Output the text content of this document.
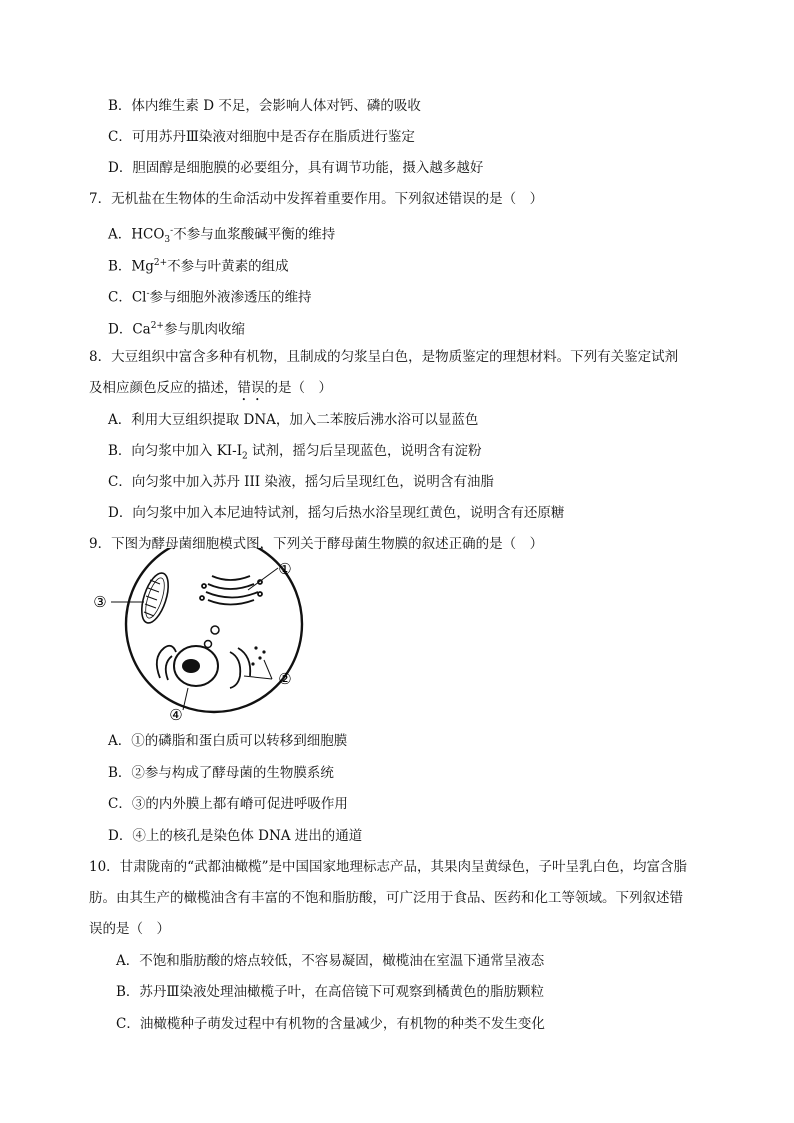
B．体内维生素 D 不足，会影响人体对钙、磷的吸收
C．可用苏丹Ⅲ染液对细胞中是否存在脂质进行鉴定
D．胆固醇是细胞膜的必要组分，具有调节功能，摄入越多越好
7．无机盐在生物体的生命活动中发挥着重要作用。下列叙述错误的是（　）
A．$HCO_3^-$不参与血浆酸碱平衡的维持
B．$Mg^{2+}$不参与叶黄素的组成
C．Cl-参与细胞外液渗透压的维持
D．$Ca^{2+}$参与肌肉收缩
8．大豆组织中富含多种有机物，且制成的匀浆呈白色，是物质鉴定的理想材料。下列有关鉴定试剂
及相应颜色反应的描述，错误的是（　）
A．利用大豆组织提取 DNA，加入二苯胺后沸水浴可以显蓝色
B．向匀浆中加入 $KI-I_2$ 试剂，摇匀后呈现蓝色，说明含有淀粉
C．向匀浆中加入苏丹 III 染液，摇匀后呈现红色，说明含有油脂
D．向匀浆中加入本尼迪特试剂，摇匀后热水浴呈现红黄色，说明含有还原糖
9．下图为酵母菌细胞模式图，下列关于酵母菌生物膜的叙述正确的是（　）
①
②
③
④
A．①的磷脂和蛋白质可以转移到细胞膜
B．②参与构成了酵母菌的生物膜系统
C．③的内外膜上都有嵴可促进呼吸作用
D．④上的核孔是染色体 DNA 进出的通道
10．甘肃陇南的“武都油橄榄”是中国国家地理标志产品，其果肉呈黄绿色，子叶呈乳白色，均富含脂
肪。由其生产的橄榄油含有丰富的不饱和脂肪酸，可广泛用于食品、医药和化工等领域。下列叙述错
误的是（　）
A．不饱和脂肪酸的熔点较低，不容易凝固，橄榄油在室温下通常呈液态
B．苏丹Ⅲ染液处理油橄榄子叶，在高倍镜下可观察到橘黄色的脂肪颗粒
C．油橄榄种子萌发过程中有机物的含量减少，有机物的种类不发生变化
